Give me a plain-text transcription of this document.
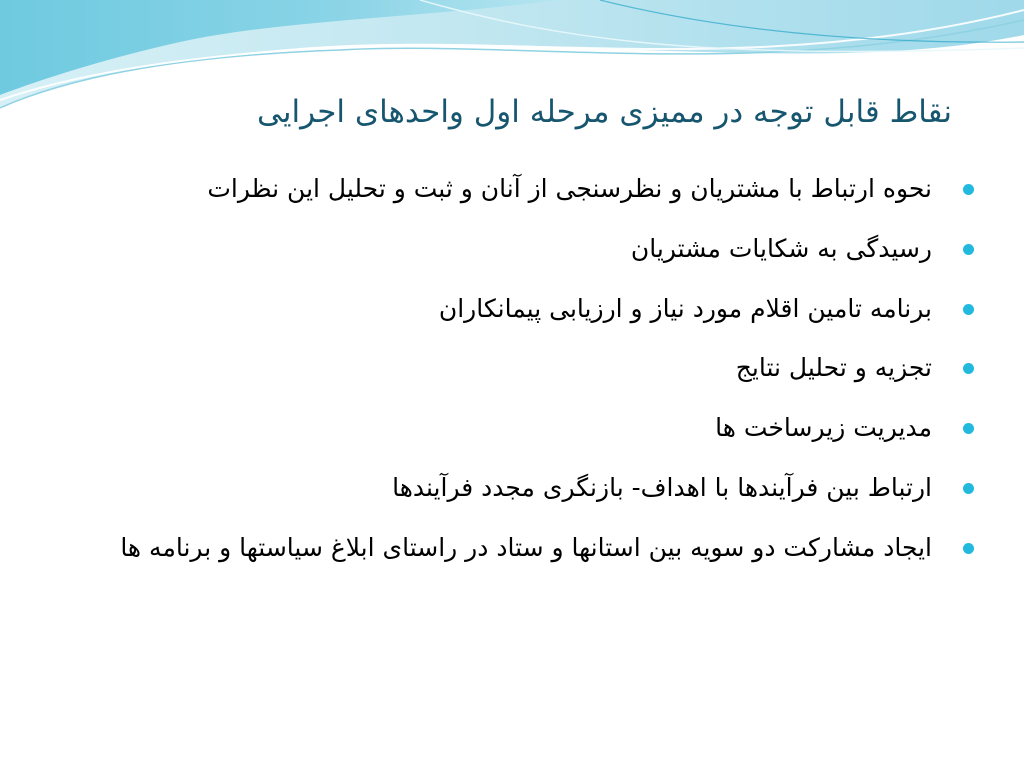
نقاط قابل توجه در ممیزی مرحله اول واحدهای اجرایی
نحوه ارتباط با مشتریان و نظرسنجی از آنان و ثبت و تحلیل این نظرات
رسیدگی به شکایات مشتریان
برنامه تامین اقلام مورد نیاز و ارزیابی پیمانکاران
تجزیه و تحلیل نتایج
مدیریت زیرساخت ها
ارتباط بین فرآیندها با اهداف- بازنگری مجدد فرآیندها
ایجاد مشارکت دو سویه بین استانها و ستاد در راستای ابلاغ سیاستها و برنامه ها
